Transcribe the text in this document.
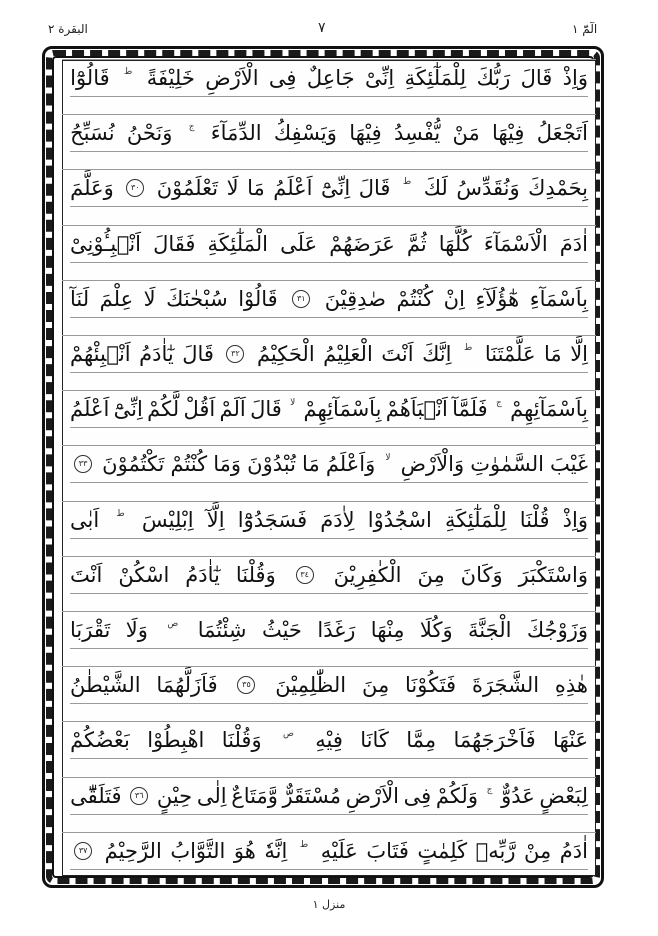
البقرة ٢	٧	الٓمّٓ ١
وَاِذْ
قَالَ
رَبُّكَ
لِلْمَلٰٓئِكَةِ
اِنِّىْ
جَاعِلٌ
فِى
الْاَرْضِ
خَلِيْفَةً
ط
قَالُوْٓا
اَتَجْعَلُ
فِيْهَا
مَنْ
يُّفْسِدُ
فِيْهَا
وَيَسْفِكُ
الدِّمَآءَ
ج
وَنَحْنُ
نُسَبِّحُ
بِحَمْدِكَ
وَنُقَدِّسُ
لَكَ
ط
قَالَ
اِنِّىْٓ
اَعْلَمُ
مَا
لَا
تَعْلَمُوْنَ
٣٠
وَعَلَّمَ
اٰدَمَ
الْاَسْمَآءَ
كُلَّهَا
ثُمَّ
عَرَضَهُمْ
عَلَى
الْمَلٰٓئِكَةِ
فَقَالَ
اَنْۢبِـُٔوْنِىْ
بِاَسْمَآءِ
هٰٓؤُلَآءِ
اِنْ
كُنْتُمْ
صٰدِقِيْنَ
٣١
قَالُوْا
سُبْحٰنَكَ
لَا
عِلْمَ
لَنَآ
اِلَّا
مَا
عَلَّمْتَنَا
ط
اِنَّكَ
اَنْتَ
الْعَلِيْمُ
الْحَكِيْمُ
٣٢
قَالَ
يٰٓاٰدَمُ
اَنْۢبِئْهُمْ
بِاَسْمَآئِهِمْ
ج
فَلَمَّآ
اَنْۢبَاَهُمْ
بِاَسْمَآئِهِمْ
لا
قَالَ
اَلَمْ
اَقُلْ
لَّكُمْ
اِنِّىْٓ
اَعْلَمُ
غَيْبَ
السَّمٰوٰتِ
وَالْاَرْضِ
لا
وَاَعْلَمُ
مَا
تُبْدُوْنَ
وَمَا
كُنْتُمْ
تَكْتُمُوْنَ
٣٣
وَاِذْ
قُلْنَا
لِلْمَلٰٓئِكَةِ
اسْجُدُوْا
لِاٰدَمَ
فَسَجَدُوْٓا
اِلَّآ
اِبْلِيْسَ
ط
اَبٰى
وَاسْتَكْبَرَ
وَكَانَ
مِنَ
الْكٰفِرِيْنَ
٣٤
وَقُلْنَا
يٰٓاٰدَمُ
اسْكُنْ
اَنْتَ
وَزَوْجُكَ
الْجَنَّةَ
وَكُلَا
مِنْهَا
رَغَدًا
حَيْثُ
شِئْتُمَا
ص
وَلَا
تَقْرَبَا
هٰذِهِ
الشَّجَرَةَ
فَتَكُوْنَا
مِنَ
الظّٰلِمِيْنَ
٣٥
فَاَزَلَّهُمَا
الشَّيْطٰنُ
عَنْهَا
فَاَخْرَجَهُمَا
مِمَّا
كَانَا
فِيْهِ
ص
وَقُلْنَا
اهْبِطُوْا
بَعْضُكُمْ
لِبَعْضٍ
عَدُوٌّ
ج
وَلَكُمْ
فِى
الْاَرْضِ
مُسْتَقَرٌّ
وَّمَتَاعٌ
اِلٰى
حِيْنٍ
٣٦
فَتَلَقّٰٓى
اٰدَمُ
مِنْ
رَّبِّهٖ
كَلِمٰتٍ
فَتَابَ
عَلَيْهِ
ط
اِنَّهٗ
هُوَ
التَّوَّابُ
الرَّحِيْمُ
٣٧
منزل ١
